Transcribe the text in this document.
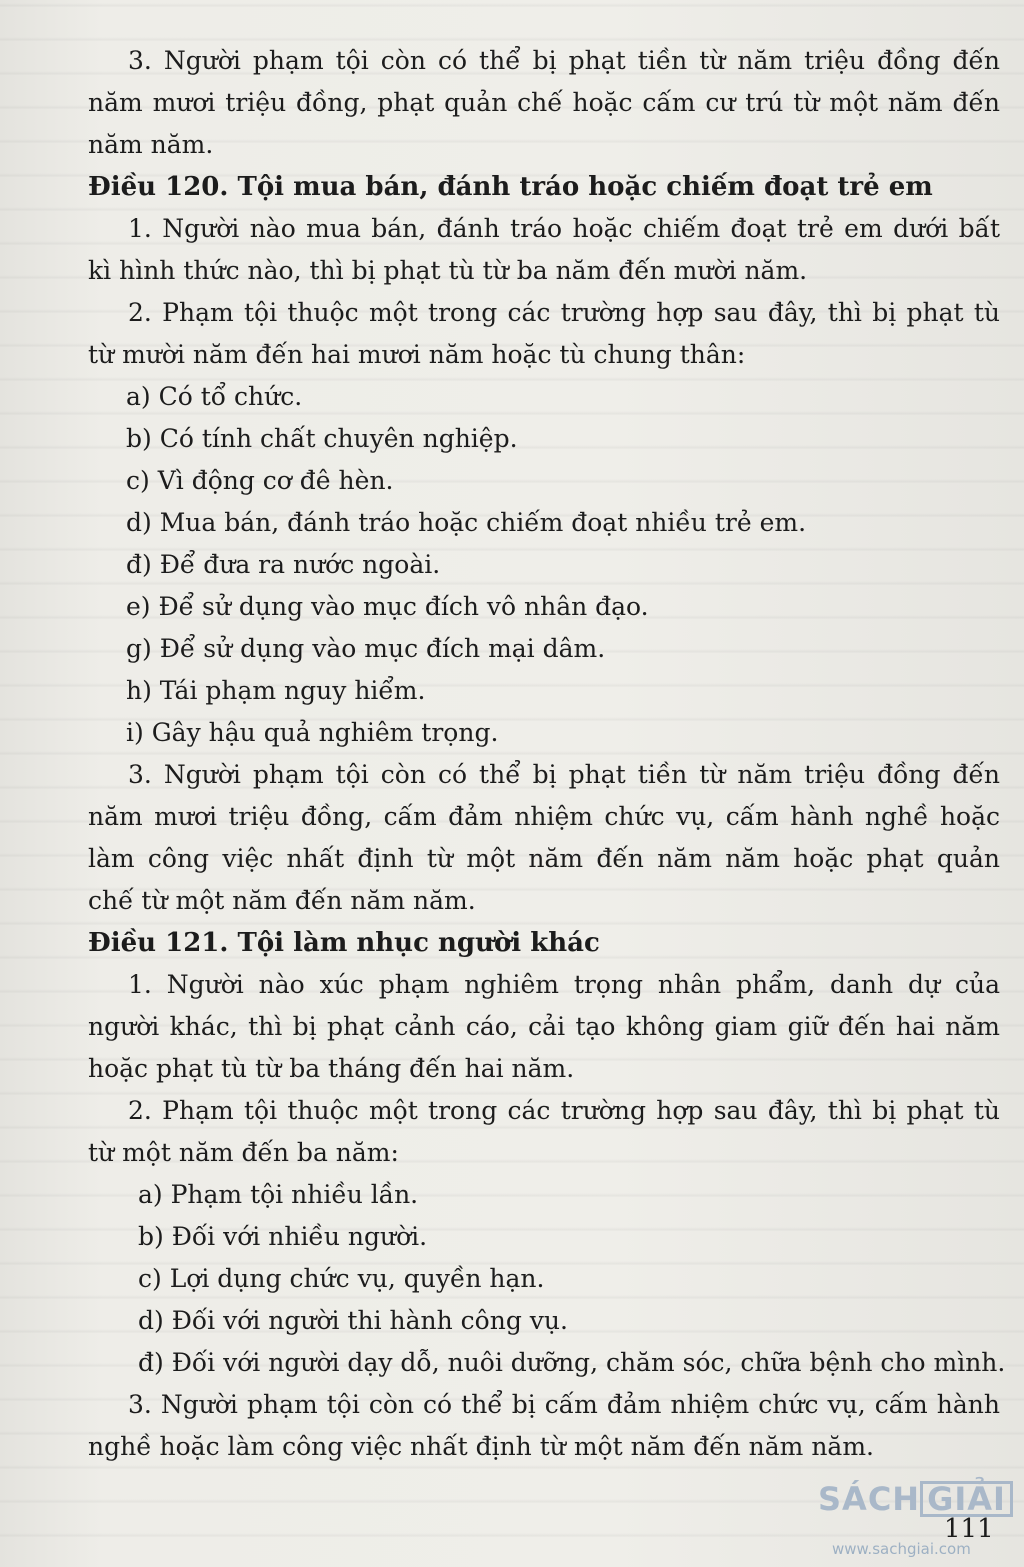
3. Người phạm tội còn có thể bị phạt tiền từ năm triệu đồng đến
năm mươi triệu đồng, phạt quản chế hoặc cấm cư trú từ một năm đến
năm năm.
Điều 120. Tội mua bán, đánh tráo hoặc chiếm đoạt trẻ em
1. Người nào mua bán, đánh tráo hoặc chiếm đoạt trẻ em dưới bất
kì hình thức nào, thì bị phạt tù từ ba năm đến mười năm.
2. Phạm tội thuộc một trong các trường hợp sau đây, thì bị phạt tù
từ mười năm đến hai mươi năm hoặc tù chung thân:
a) Có tổ chức.
b) Có tính chất chuyên nghiệp.
c) Vì động cơ đê hèn.
d) Mua bán, đánh tráo hoặc chiếm đoạt nhiều trẻ em.
đ) Để đưa ra nước ngoài.
e) Để sử dụng vào mục đích vô nhân đạo.
g) Để sử dụng vào mục đích mại dâm.
h) Tái phạm nguy hiểm.
i) Gây hậu quả nghiêm trọng.
3. Người phạm tội còn có thể bị phạt tiền từ năm triệu đồng đến
năm mươi triệu đồng, cấm đảm nhiệm chức vụ, cấm hành nghề hoặc
làm công việc nhất định từ một năm đến năm năm hoặc phạt quản
chế từ một năm đến năm năm.
Điều 121. Tội làm nhục người khác
1. Người nào xúc phạm nghiêm trọng nhân phẩm, danh dự của
người khác, thì bị phạt cảnh cáo, cải tạo không giam giữ đến hai năm
hoặc phạt tù từ ba tháng đến hai năm.
2. Phạm tội thuộc một trong các trường hợp sau đây, thì bị phạt tù
từ một năm đến ba năm:
a) Phạm tội nhiều lần.
b) Đối với nhiều người.
c) Lợi dụng chức vụ, quyền hạn.
d) Đối với người thi hành công vụ.
đ) Đối với người dạy dỗ, nuôi dưỡng, chăm sóc, chữa bệnh cho mình.
3. Người phạm tội còn có thể bị cấm đảm nhiệm chức vụ, cấm hành
nghề hoặc làm công việc nhất định từ một năm đến năm năm.
SÁCH GIẢI
111
www.sachgiai.com
